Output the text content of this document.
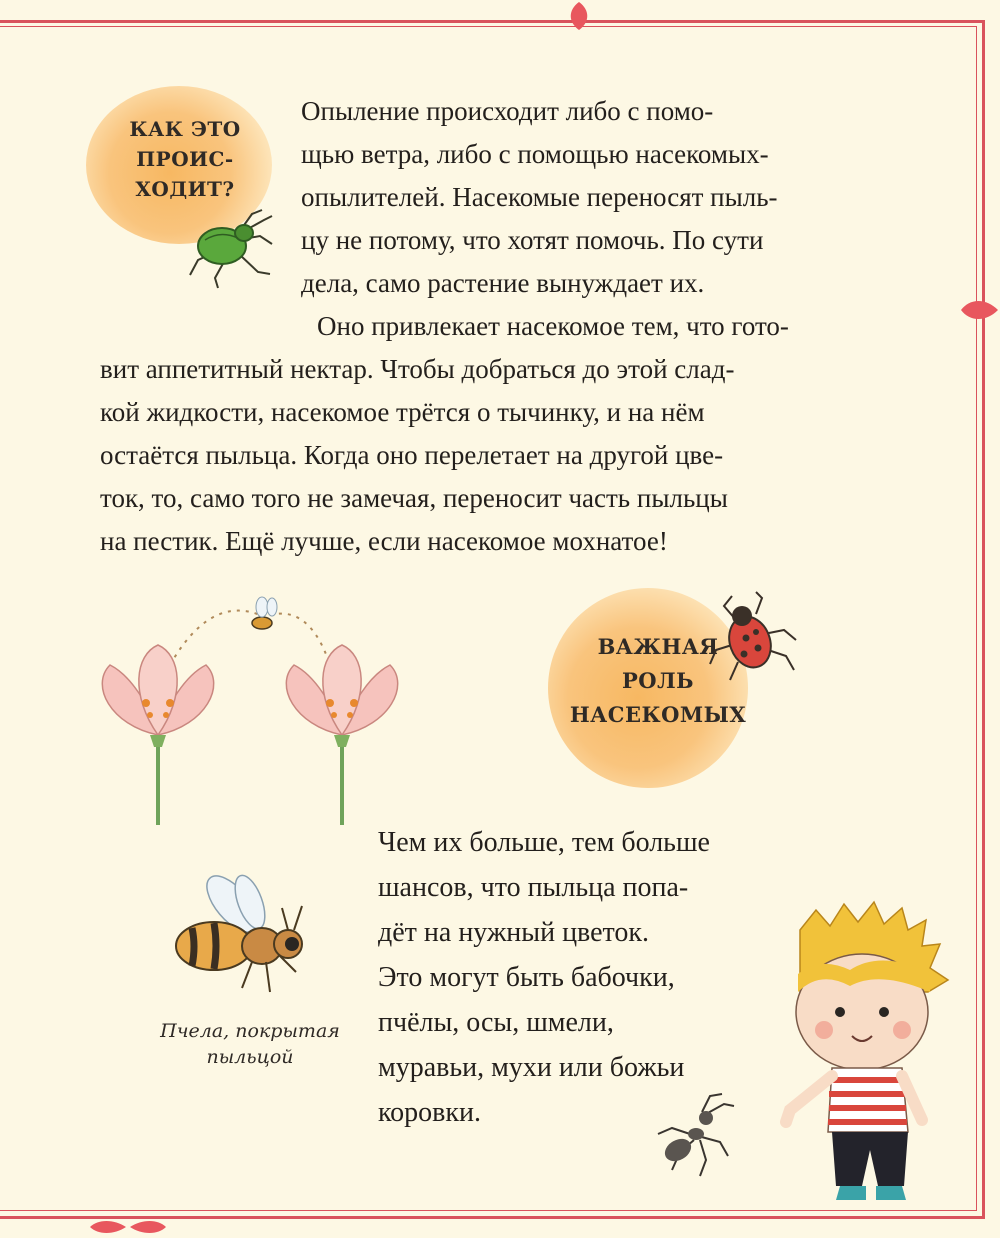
КАК ЭТО
ПРОИС-
ХОДИТ?
Опыление происходит либо с помо-
щью ветра, либо с помощью насекомых-
опылителей. Насекомые переносят пыль-
цу не потому, что хотят помочь. По сути
дела, само растение вынуждает их.
Оно привлекает насекомое тем, что гото-
вит аппетитный нектар. Чтобы добраться до этой слад-
кой жидкости, насекомое трётся о тычинку, и на нём
остаётся пыльца. Когда оно перелетает на другой цве-
ток, то, само того не замечая, переносит часть пыльцы
на пестик. Ещё лучше, если насекомое мохнатое!
ВАЖНАЯ
РОЛЬ
НАСЕКОМЫХ
Пчела, покрытая
пыльцой
Чем их больше, тем больше
шансов, что пыльца попа-
дёт на нужный цветок.
Это могут быть бабочки,
пчёлы, осы, шмели,
муравьи, мухи или божьи
коровки.
